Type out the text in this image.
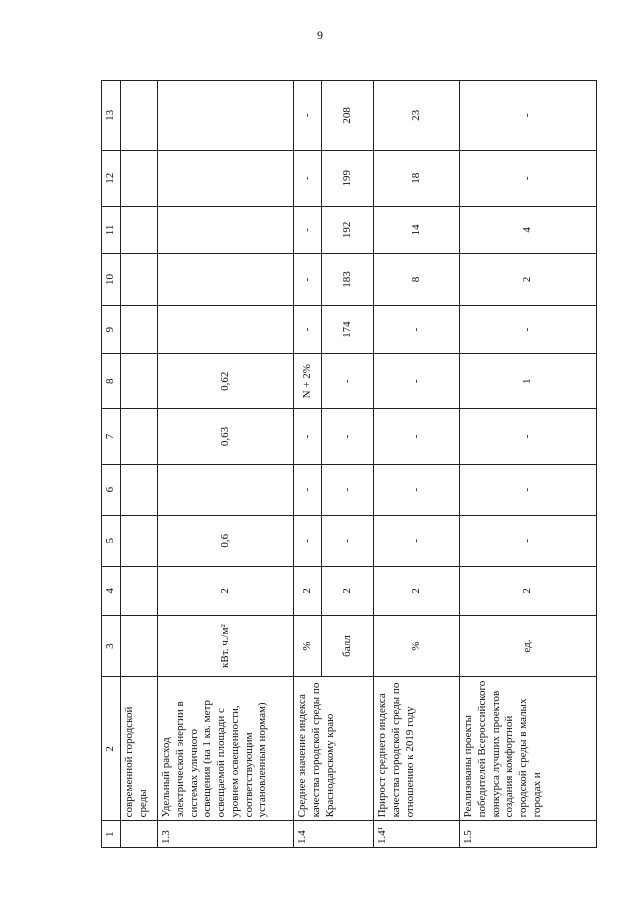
9
1	2	3	4	5	6	7	8	9	10	11	12	13
	современной городской среды											
1.3	Удельный расход электрической энергии в системах уличного освещения (на 1 кв. метр освещаемой площади с уровнем освещенности, соответствующим установленным нормам)	кВт. ч./м²	2	0,6		0,63	0,62					
1.4	Среднее значение индекса качества городской среды по Краснодарскому краю	%	2	-	-	-	N + 2%	-	-	-	-	-
		балл	2	-	-	-	-	174	183	192	199	208
1.4¹	Прирост среднего индекса качества городской среды по отношению к 2019 году	%	2	-	-	-	-	-	8	14	18	23
1.5	Реализованы проекты победителей Всероссийского конкурса лучших проектов создания комфортной городской среды в малых городах и	ед.	2	-	-	-	1	-	2	4	-	-
